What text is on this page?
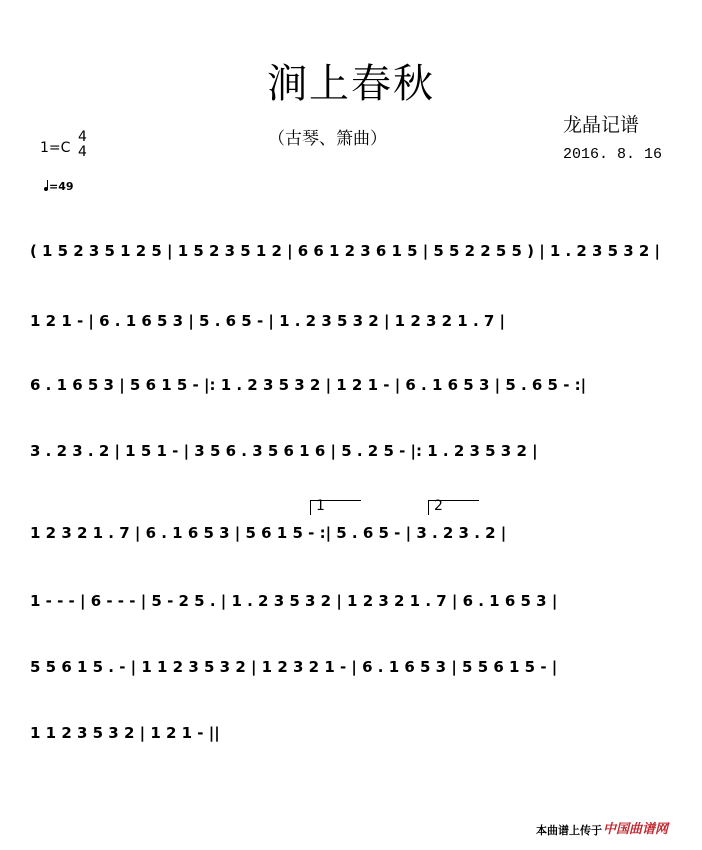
涧上春秋
（古琴、箫曲）
龙晶记谱
2016. 8. 16
1=C
4
4
=49
( 1 5 2 3 5 1 2 5 | 1 5 2 3 5 1 2 | 6 6 1 2 3 6 1 5 | 5 5 2 2 5 5 ) | 1 . 2 3 5 3 2 |
1 2 1 - | 6 . 1 6 5 3 | 5 . 6 5 - | 1 . 2 3 5 3 2 | 1 2 3 2 1 . 7 |
6 . 1 6 5 3 | 5 6 1 5 - |: 1 . 2 3 5 3 2 | 1 2 1 - | 6 . 1 6 5 3 | 5 . 6 5 - :|
3 . 2 3 . 2 | 1 5 1 - | 3 5 6 . 3 5 6 1 6 | 5 . 2 5 - |: 1 . 2 3 5 3 2 |
1	2
1 2 3 2 1 . 7 | 6 . 1 6 5 3 | 5 6 1 5 - :| 5 . 6 5 - | 3 . 2 3 . 2 |
1 - - - | 6 - - - | 5 - 2 5 . | 1 . 2 3 5 3 2 | 1 2 3 2 1 . 7 | 6 . 1 6 5 3 |
5 5 6 1 5 . - | 1 1 2 3 5 3 2 | 1 2 3 2 1 - | 6 . 1 6 5 3 | 5 5 6 1 5 - |
1 1 2 3 5 3 2 | 1 2 1 - ||
本曲谱上传于 中国曲谱网
